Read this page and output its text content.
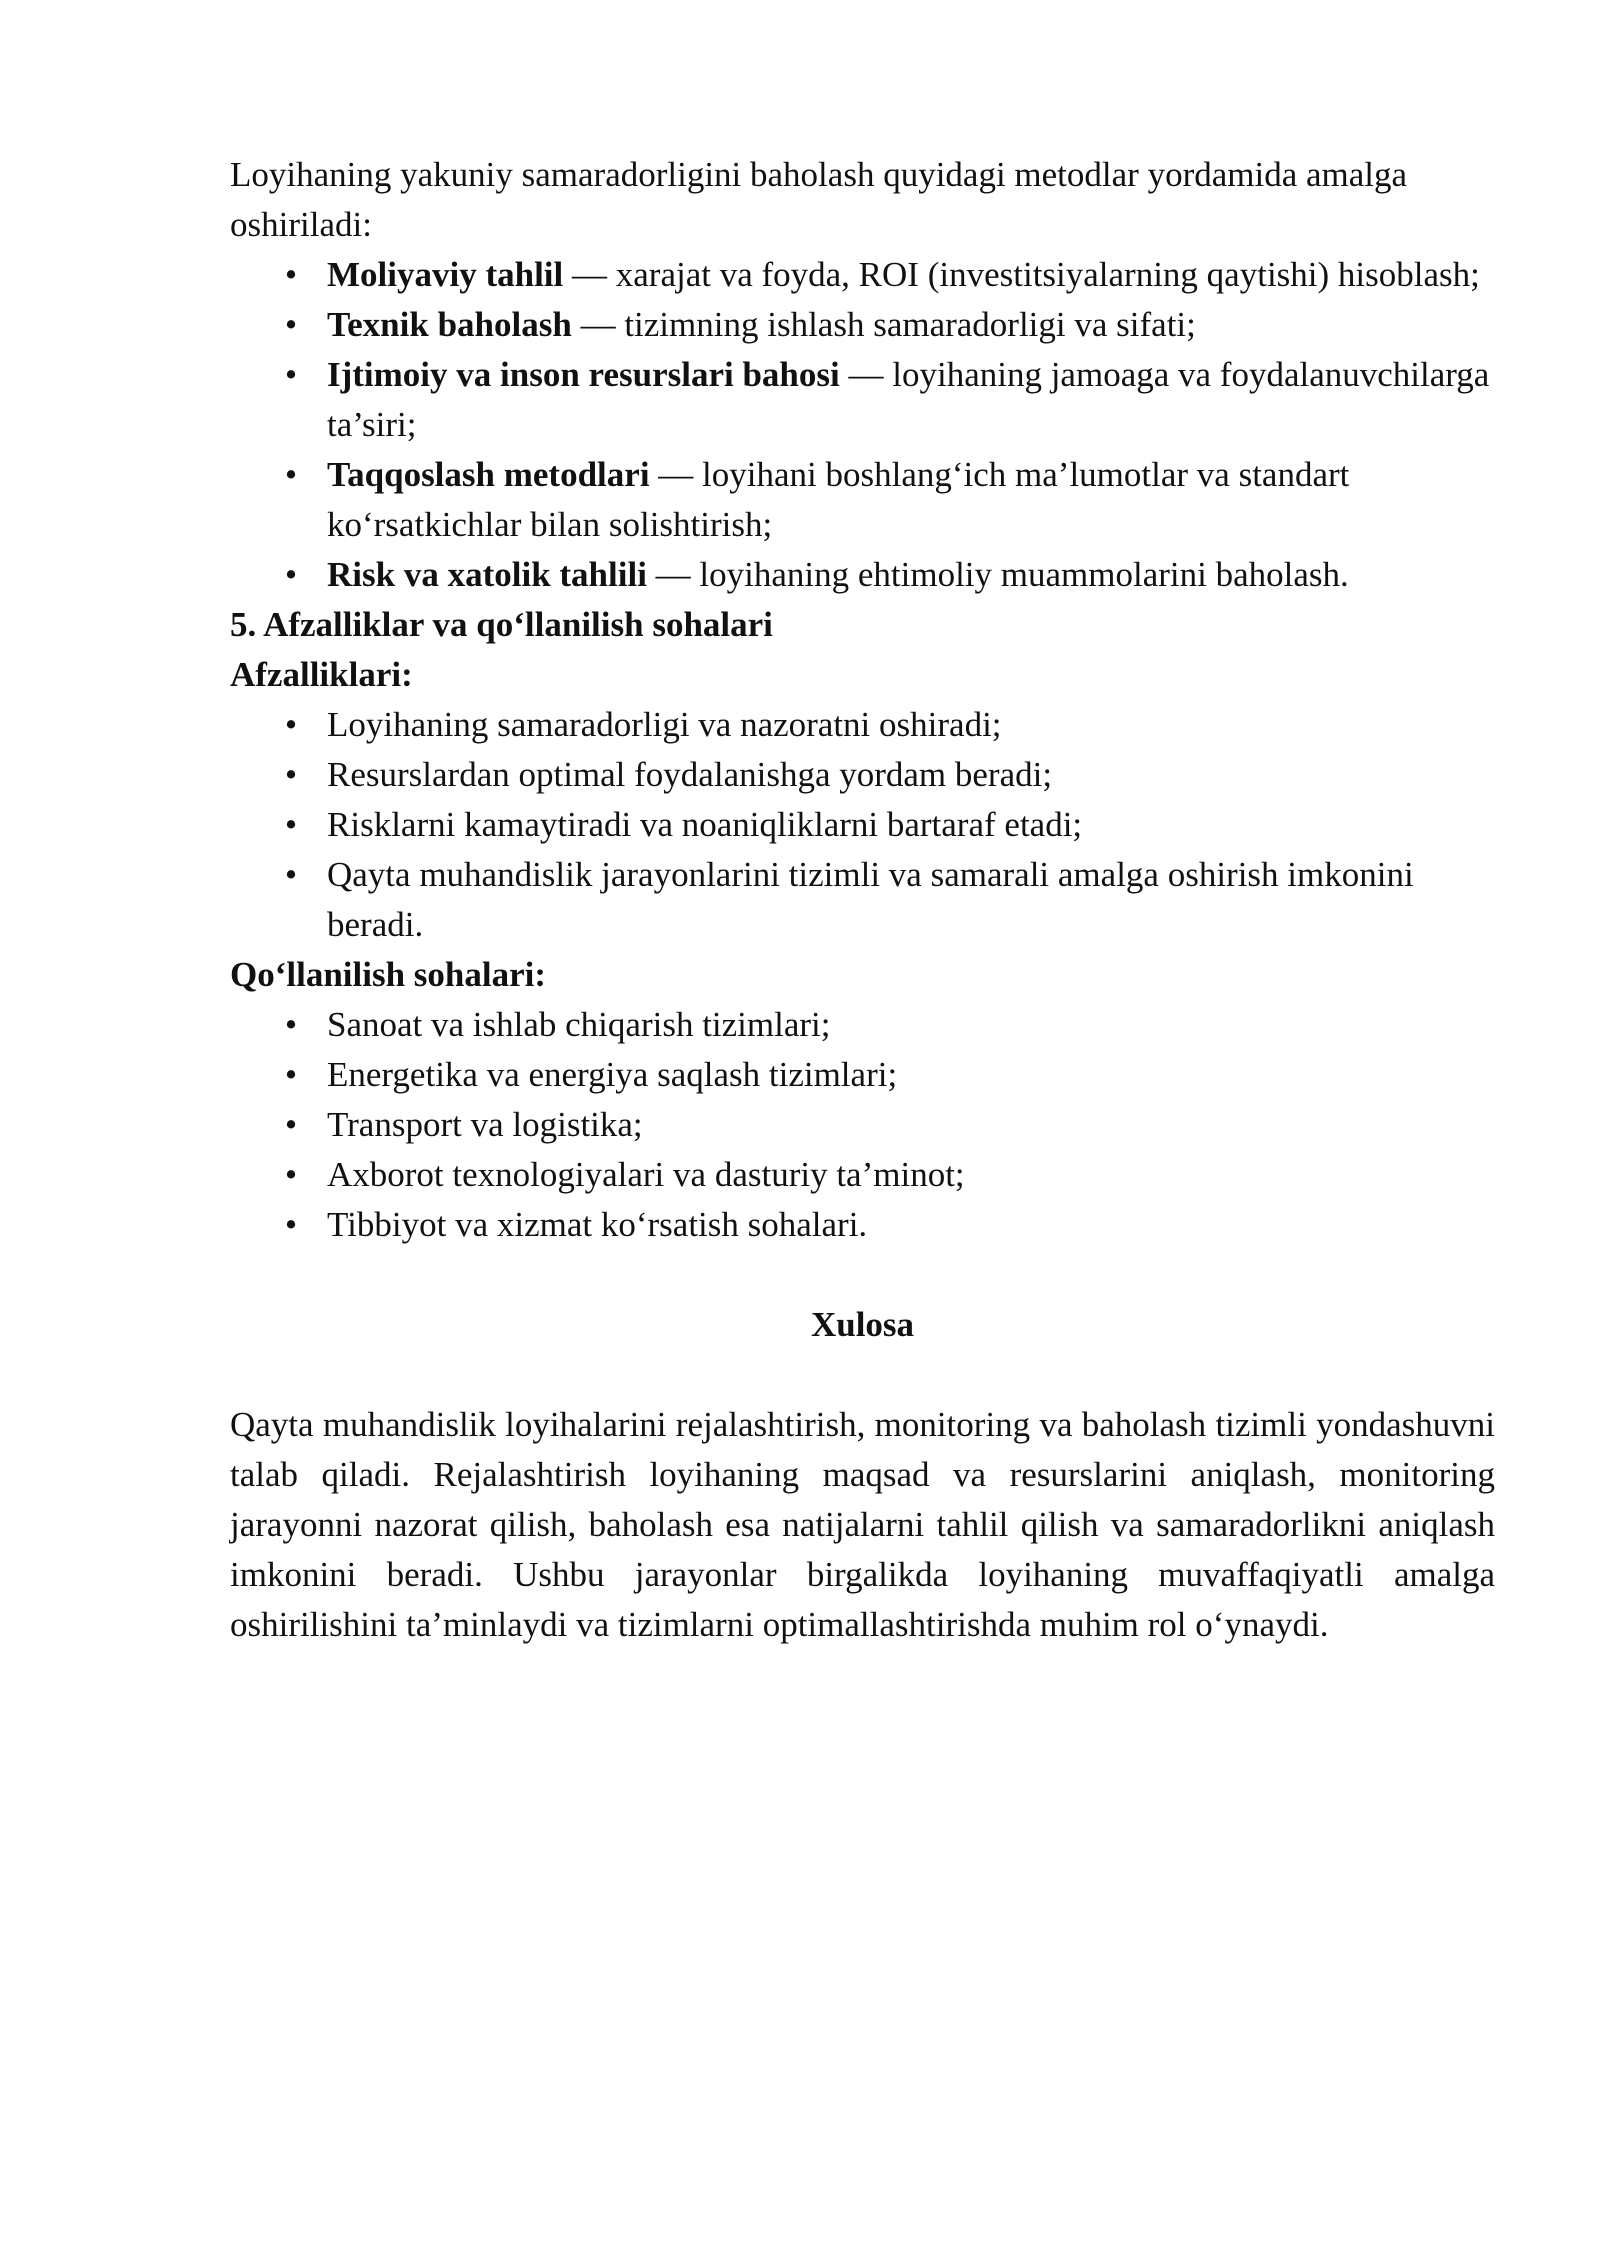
Loyihaning yakuniy samaradorligini baholash quyidagi metodlar yordamida amalga oshiriladi:

• Moliyaviy tahlil — xarajat va foyda, ROI (investitsiyalarning qaytishi) hisoblash;
• Texnik baholash — tizimning ishlash samaradorligi va sifati;
• Ijtimoiy va inson resurslari bahosi — loyihaning jamoaga va foydalanuvchilarga ta’siri;
• Taqqoslash metodlari — loyihani boshlang‘ich ma’lumotlar va standart ko‘rsatkichlar bilan solishtirish;
• Risk va xatolik tahlili — loyihaning ehtimoliy muammolarini baholash.

5. Afzalliklar va qo‘llanilish sohalari

Afzalliklari:

• Loyihaning samaradorligi va nazoratni oshiradi;
• Resurslardan optimal foydalanishga yordam beradi;
• Risklarni kamaytiradi va noaniqliklarni bartaraf etadi;
• Qayta muhandislik jarayonlarini tizimli va samarali amalga oshirish imkonini beradi.

Qo‘llanilish sohalari:

• Sanoat va ishlab chiqarish tizimlari;
• Energetika va energiya saqlash tizimlari;
• Transport va logistika;
• Axborot texnologiyalari va dasturiy ta’minot;
• Tibbiyot va xizmat ko‘rsatish sohalari.

Xulosa

Qayta muhandislik loyihalarini rejalashtirish, monitoring va baholash tizimli yondashuvni talab qiladi. Rejalashtirish loyihaning maqsad va resurslarini aniqlash, monitoring jarayonni nazorat qilish, baholash esa natijalarni tahlil qilish va samaradorlikni aniqlash imkonini beradi. Ushbu jarayonlar birgalikda loyihaning muvaffaqiyatli amalga oshirilishini ta’minlaydi va tizimlarni optimallashtirishda muhim rol o‘ynaydi.
